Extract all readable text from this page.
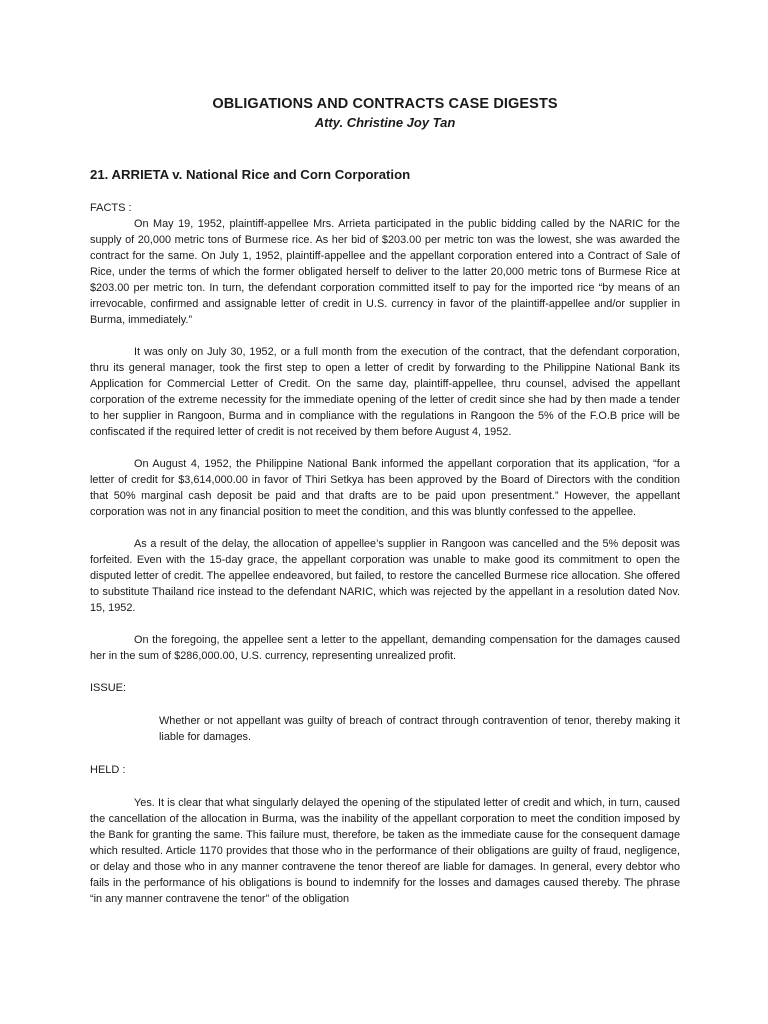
OBLIGATIONS AND CONTRACTS CASE DIGESTS

Atty. Christine Joy Tan

21. ARRIETA v. National Rice and Corn Corporation

FACTS :

On May 19, 1952, plaintiff-appellee Mrs. Arrieta participated in the public bidding called by the NARIC for the supply of 20,000 metric tons of Burmese rice. As her bid of $203.00 per metric ton was the lowest, she was awarded the contract for the same. On July 1, 1952, plaintiff-appellee and the appellant corporation entered into a Contract of Sale of Rice, under the terms of which the former obligated herself to deliver to the latter 20,000 metric tons of Burmese Rice at $203.00 per metric ton. In turn, the defendant corporation committed itself to pay for the imported rice “by means of an irrevocable, confirmed and assignable letter of credit in U.S. currency in favor of the plaintiff-appellee and/or supplier in Burma, immediately.”

It was only on July 30, 1952, or a full month from the execution of the contract, that the defendant corporation, thru its general manager, took the first step to open a letter of credit by forwarding to the Philippine National Bank its Application for Commercial Letter of Credit. On the same day, plaintiff-appellee, thru counsel, advised the appellant corporation of the extreme necessity for the immediate opening of the letter of credit since she had by then made a tender to her supplier in Rangoon, Burma and in compliance with the regulations in Rangoon the 5% of the F.O.B price will be confiscated if the required letter of credit is not received by them before August 4, 1952.

On August 4, 1952, the Philippine National Bank informed the appellant corporation that its application, “for a letter of credit for $3,614,000.00 in favor of Thiri Setkya has been approved by the Board of Directors with the condition that 50% marginal cash deposit be paid and that drafts are to be paid upon presentment.” However, the appellant corporation was not in any financial position to meet the condition, and this was bluntly confessed to the appellee.

As a result of the delay, the allocation of appellee’s supplier in Rangoon was cancelled and the 5% deposit was forfeited. Even with the 15-day grace, the appellant corporation was unable to make good its commitment to open the disputed letter of credit. The appellee endeavored, but failed, to restore the cancelled Burmese rice allocation. She offered to substitute Thailand rice instead to the defendant NARIC, which was rejected by the appellant in a resolution dated Nov. 15, 1952.

On the foregoing, the appellee sent a letter to the appellant, demanding compensation for the damages caused her in the sum of $286,000.00, U.S. currency, representing unrealized profit.

ISSUE:

Whether or not appellant was guilty of breach of contract through contravention of tenor, thereby making it liable for damages.

HELD :

Yes. It is clear that what singularly delayed the opening of the stipulated letter of credit and which, in turn, caused the cancellation of the allocation in Burma, was the inability of the appellant corporation to meet the condition imposed by the Bank for granting the same. This failure must, therefore, be taken as the immediate cause for the consequent damage which resulted. Article 1170 provides that those who in the performance of their obligations are guilty of fraud, negligence, or delay and those who in any manner contravene the tenor thereof are liable for damages. In general, every debtor who fails in the performance of his obligations is bound to indemnify for the losses and damages caused thereby. The phrase “in any manner contravene the tenor” of the obligation
